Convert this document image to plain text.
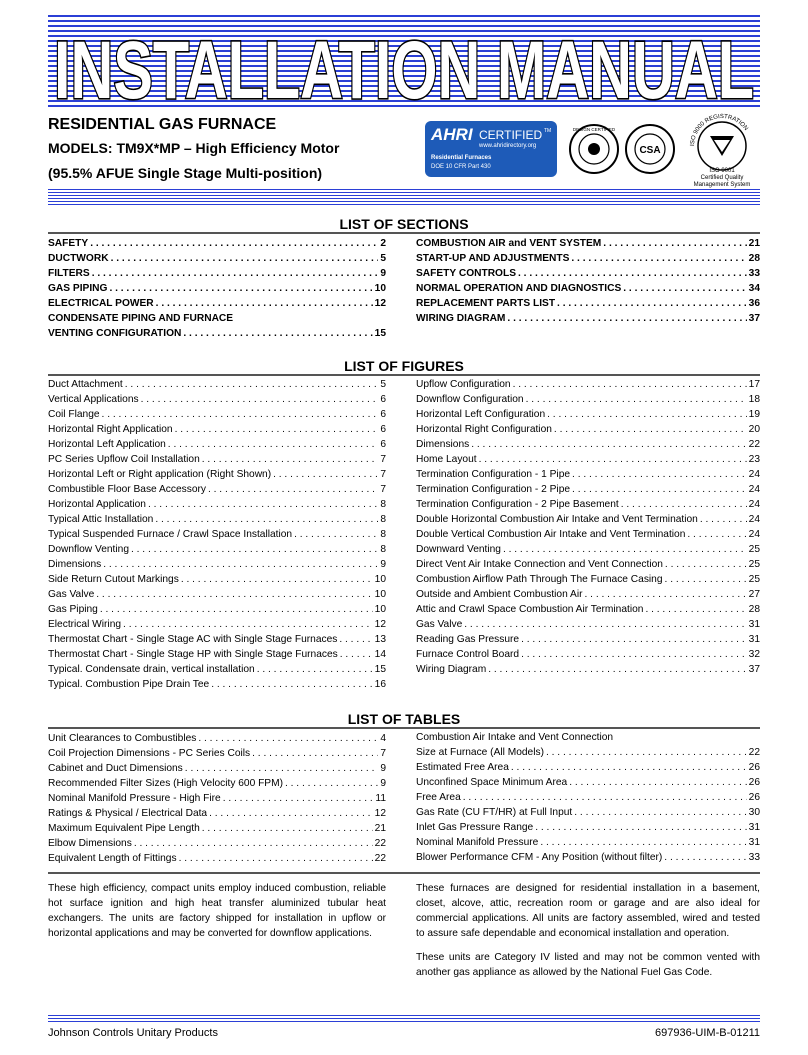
INSTALLATION MANUAL
RESIDENTIAL GAS FURNACE
MODELS: TM9X*MP – High Efficiency Motor
(95.5% AFUE Single Stage Multi-position)
AHRI CERTIFIED TM
www.ahridirectory.org
Residential Furnaces
DOE 10 CFR Part 430
DESIGN CERTIFIED
CSA	ISO 9000 REGISTRATION
ISO 9001
Certified Quality
Management System
LIST OF SECTIONS
SAFETY . . .	2
DUCTWORK . . .	5
FILTERS . . .	9
GAS PIPING . . .	10
ELECTRICAL POWER . . .	12
CONDENSATE PIPING AND FURNACE
VENTING CONFIGURATION . . .	15
COMBUSTION AIR and VENT SYSTEM . . .	21
START-UP AND ADJUSTMENTS . . .	28
SAFETY CONTROLS . . .	33
NORMAL OPERATION AND DIAGNOSTICS . . .	34
REPLACEMENT PARTS LIST . . .	36
WIRING DIAGRAM . . .	37
LIST OF FIGURES
Duct Attachment . . .	5
Vertical Applications . . .	6
Coil Flange . . .	6
Horizontal Right Application . . .	6
Horizontal Left Application . . .	6
PC Series Upflow Coil Installation . . .	7
Horizontal Left or Right application (Right Shown) . . .	7
Combustible Floor Base Accessory . . .	7
Horizontal Application . . .	8
Typical Attic Installation . . .	8
Typical Suspended Furnace / Crawl Space Installation . . .	8
Downflow Venting . . .	8
Dimensions . . .	9
Side Return Cutout Markings . . .	10
Gas Valve . . .	10
Gas Piping . . .	10
Electrical Wiring . . .	12
Thermostat Chart - Single Stage AC with Single Stage Furnaces . . .	13
Thermostat Chart - Single Stage HP with Single Stage Furnaces . . .	14
Typical. Condensate drain, vertical installation . . .	15
Typical. Combustion Pipe Drain Tee . . .	16
Upflow Configuration . . .	17
Downflow Configuration . . .	18
Horizontal Left Configuration . . .	19
Horizontal Right Configuration . . .	20
Dimensions . . .	22
Home Layout . . .	23
Termination Configuration - 1 Pipe . . .	24
Termination Configuration - 2 Pipe . . .	24
Termination Configuration - 2 Pipe Basement . . .	24
Double Horizontal Combustion Air Intake and Vent Termination . . .	24
Double Vertical Combustion Air Intake and Vent Termination . . .	24
Downward Venting . . .	25
Direct Vent Air Intake Connection and Vent Connection . . .	25
Combustion Airflow Path Through The Furnace Casing . . .	25
Outside and Ambient Combustion Air . . .	27
Attic and Crawl Space Combustion Air Termination . . .	28
Gas Valve . . .	31
Reading Gas Pressure . . .	31
Furnace Control Board . . .	32
Wiring Diagram . . .	37
LIST OF TABLES
Unit Clearances to Combustibles . . .	4
Coil Projection Dimensions - PC Series Coils . . .	7
Cabinet and Duct Dimensions . . .	9
Recommended Filter Sizes (High Velocity 600 FPM) . . .	9
Nominal Manifold Pressure - High Fire . . .	11
Ratings & Physical / Electrical Data . . .	12
Maximum Equivalent Pipe Length . . .	21
Elbow Dimensions . . .	22
Equivalent Length of Fittings . . .	22
Combustion Air Intake and Vent Connection
Size at Furnace (All Models) . . .	22
Estimated Free Area . . .	26
Unconfined Space Minimum Area . . .	26
Free Area . . .	26
Gas Rate (CU FT/HR) at Full Input . . .	30
Inlet Gas Pressure Range . . .	31
Nominal Manifold Pressure . . .	31
Blower Performance CFM - Any Position (without filter) . . .	33
These high efficiency, compact units employ induced combustion, reliable hot surface ignition and high heat transfer aluminized tubular heat exchangers. The units are factory shipped for installation in upflow or horizontal applications and may be converted for downflow applications.
These furnaces are designed for residential installation in a basement, closet, alcove, attic, recreation room or garage and are also ideal for commercial applications. All units are factory assembled, wired and tested to assure safe dependable and economical installation and operation.
These units are Category IV listed and may not be common vented with another gas appliance as allowed by the National Fuel Gas Code.
Johnson Controls Unitary Products	697936-UIM-B-01211
